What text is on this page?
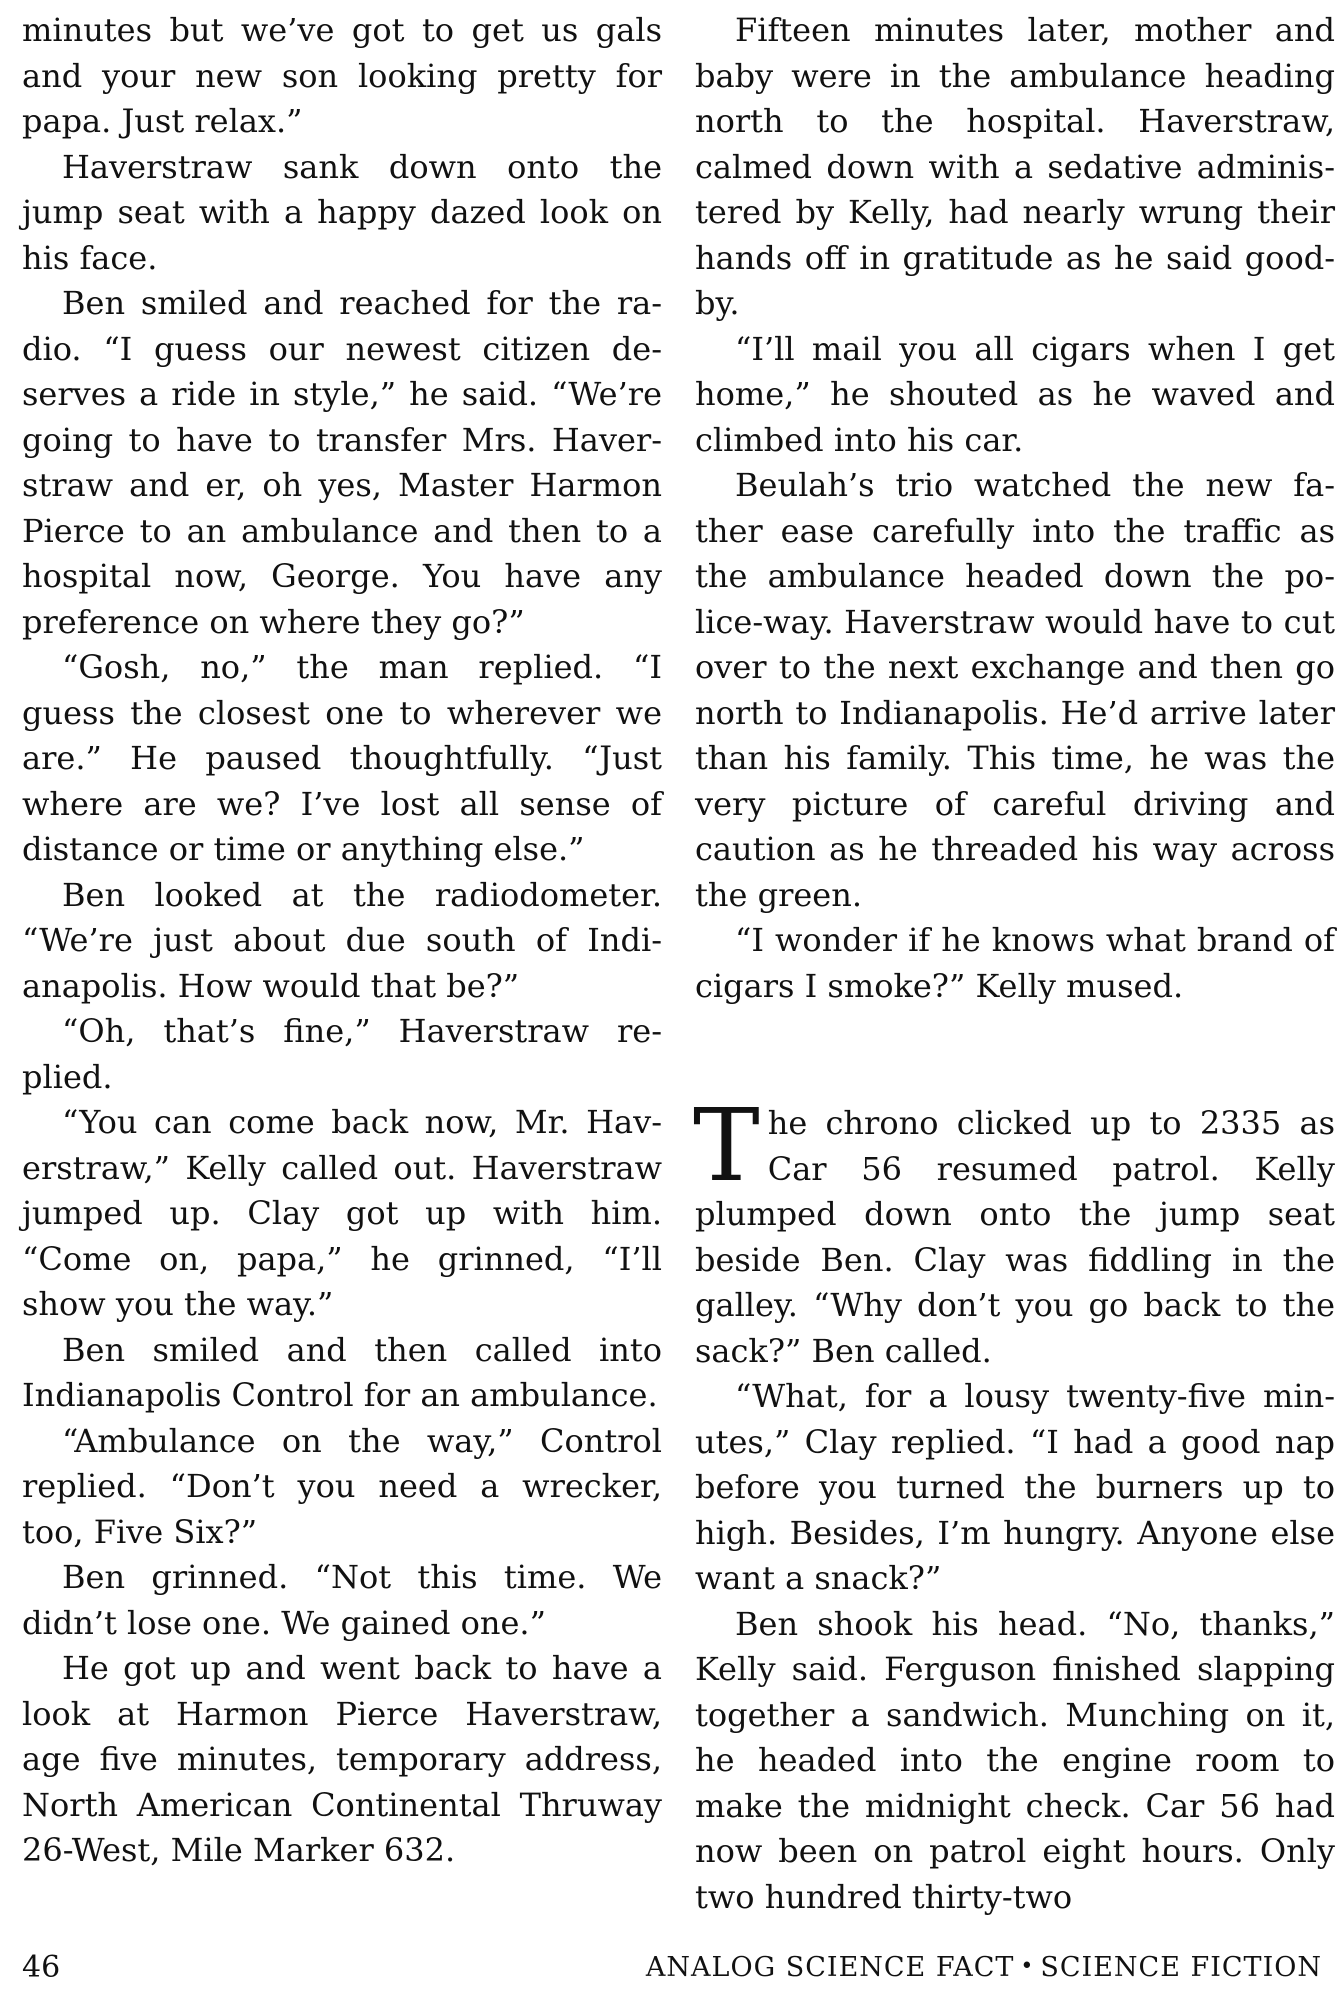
minutes but we’ve got to get us gals and your new son looking pretty for papa. Just relax.”

Haverstraw sank down onto the jump seat with a happy dazed look on his face.

Ben smiled and reached for the radio. “I guess our newest citizen deserves a ride in style,” he said. “We’re going to have to transfer Mrs. Haverstraw and er, oh yes, Master Harmon Pierce to an ambulance and then to a hospital now, George. You have any preference on where they go?”

“Gosh, no,” the man replied. “I guess the closest one to wherever we are.” He paused thoughtfully. “Just where are we? I’ve lost all sense of distance or time or anything else.”

Ben looked at the radiodometer. “We’re just about due south of Indianapolis. How would that be?”

“Oh, that’s fine,” Haverstraw replied.

“You can come back now, Mr. Haverstraw,” Kelly called out. Haverstraw jumped up. Clay got up with him. “Come on, papa,” he grinned, “I’ll show you the way.”

Ben smiled and then called into Indianapolis Control for an ambulance.

“Ambulance on the way,” Control replied. “Don’t you need a wrecker, too, Five Six?”

Ben grinned. “Not this time. We didn’t lose one. We gained one.”

He got up and went back to have a look at Harmon Pierce Haverstraw, age five minutes, temporary address, North American Continental Thruway 26-West, Mile Marker 632.

Fifteen minutes later, mother and baby were in the ambulance heading north to the hospital. Haverstraw, calmed down with a sedative administered by Kelly, had nearly wrung their hands off in gratitude as he said good-by.

“I’ll mail you all cigars when I get home,” he shouted as he waved and climbed into his car.

Beulah’s trio watched the new father ease carefully into the traffic as the ambulance headed down the police-way. Haverstraw would have to cut over to the next exchange and then go north to Indianapolis. He’d arrive later than his family. This time, he was the very picture of careful driving and caution as he threaded his way across the green.

“I wonder if he knows what brand of cigars I smoke?” Kelly mused.

The chrono clicked up to 2335 as Car 56 resumed patrol. Kelly plumped down onto the jump seat beside Ben. Clay was fiddling in the galley. “Why don’t you go back to the sack?” Ben called.

“What, for a lousy twenty-five minutes,” Clay replied. “I had a good nap before you turned the burners up to high. Besides, I’m hungry. Anyone else want a snack?”

Ben shook his head. “No, thanks,” Kelly said. Ferguson finished slapping together a sandwich. Munching on it, he headed into the engine room to make the midnight check. Car 56 had now been on patrol eight hours. Only two hundred thirty-two

46	ANALOG SCIENCE FACT • SCIENCE FICTION
